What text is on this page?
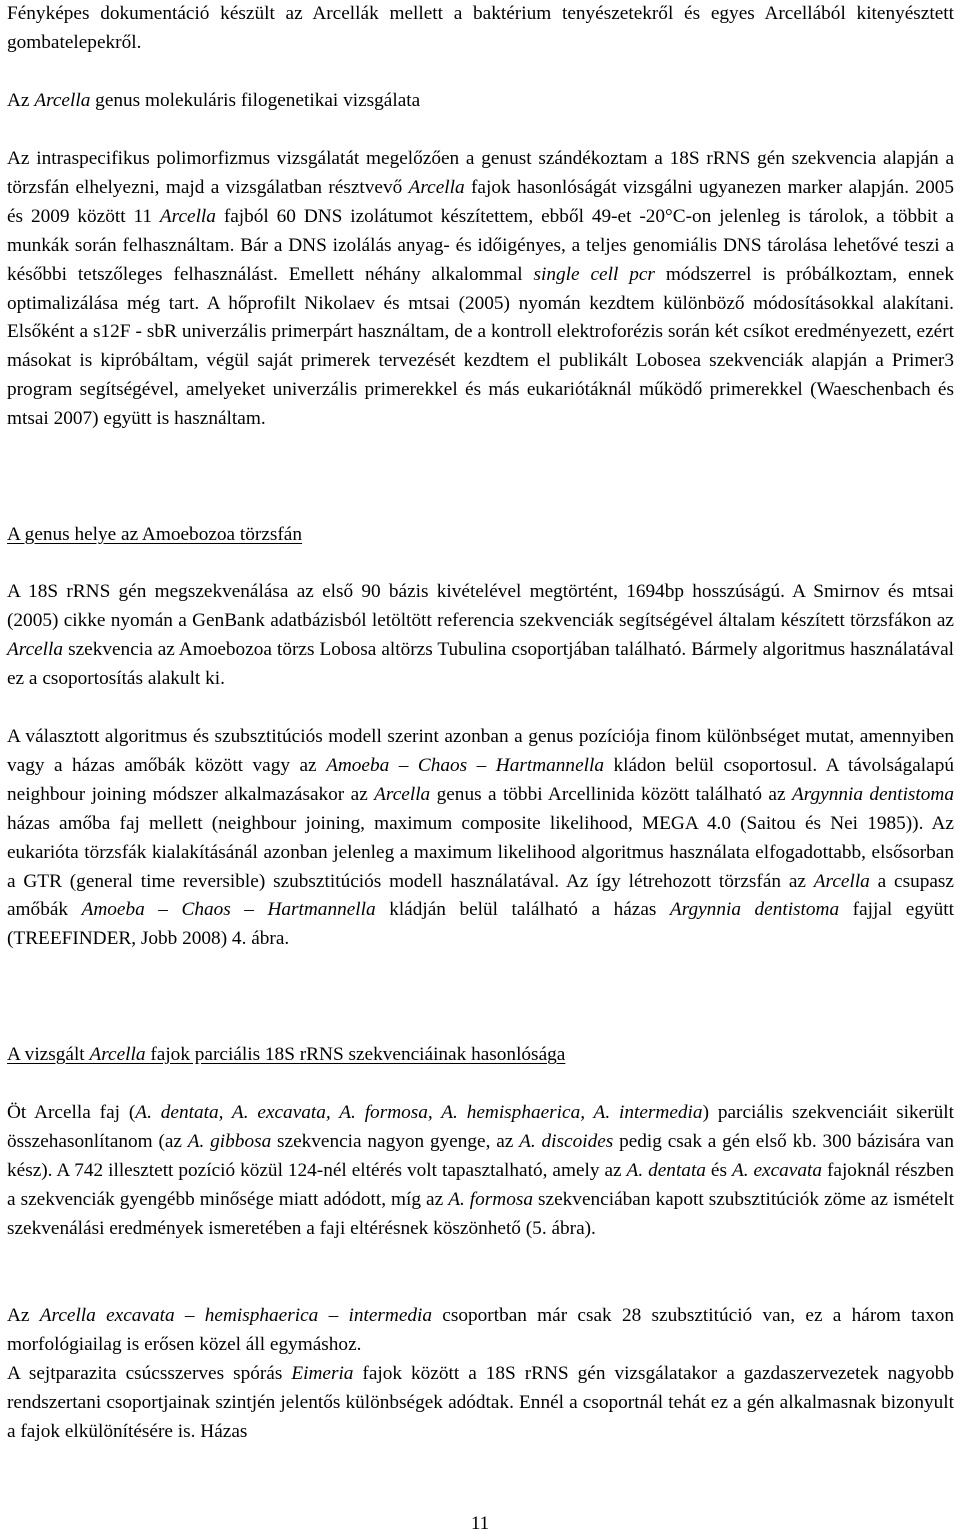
Fényképes dokumentáció készült az Arcellák mellett a baktérium tenyészetekről és egyes Arcellából kitenyésztett gombatelepekről.

Az Arcella genus molekuláris filogenetikai vizsgálata

Az intraspecifikus polimorfizmus vizsgálatát megelőzően a genust szándékoztam a 18S rRNS gén szekvencia alapján a törzsfán elhelyezni, majd a vizsgálatban résztvevő Arcella fajok hasonlóságát vizsgálni ugyanezen marker alapján. 2005 és 2009 között 11 Arcella fajból 60 DNS izolátumot készítettem, ebből 49-et -20°C-on jelenleg is tárolok, a többit a munkák során felhasználtam. Bár a DNS izolálás anyag- és időigényes, a teljes genomiális DNS tárolása lehetővé teszi a későbbi tetszőleges felhasználást. Emellett néhány alkalommal single cell pcr módszerrel is próbálkoztam, ennek optimalizálása még tart. A hőprofilt Nikolaev és mtsai (2005) nyomán kezdtem különböző módosításokkal alakítani. Elsőként a s12F - sbR univerzális primerpárt használtam, de a kontroll elektroforézis során két csíkot eredményezett, ezért másokat is kipróbáltam, végül saját primerek tervezését kezdtem el publikált Lobosea szekvenciák alapján a Primer3 program segítségével, amelyeket univerzális primerekkel és más eukariótáknál működő primerekkel (Waeschenbach és mtsai 2007) együtt is használtam.

A genus helye az Amoebozoa törzsfán

A 18S rRNS gén megszekvenálása az első 90 bázis kivételével megtörtént, 1694bp hosszúságú. A Smirnov és mtsai (2005) cikke nyomán a GenBank adatbázisból letöltött referencia szekvenciák segítségével általam készített törzsfákon az Arcella szekvencia az Amoebozoa törzs Lobosa altörzs Tubulina csoportjában található. Bármely algoritmus használatával ez a csoportosítás alakult ki.

A választott algoritmus és szubsztitúciós modell szerint azonban a genus pozíciója finom különbséget mutat, amennyiben vagy a házas amőbák között vagy az Amoeba – Chaos – Hartmannella kládon belül csoportosul. A távolságalapú neighbour joining módszer alkalmazásakor az Arcella genus a többi Arcellinida között található az Argynnia dentistoma házas amőba faj mellett (neighbour joining, maximum composite likelihood, MEGA 4.0 (Saitou és Nei 1985)). Az eukarióta törzsfák kialakításánál azonban jelenleg a maximum likelihood algoritmus használata elfogadottabb, elsősorban a GTR (general time reversible) szubsztitúciós modell használatával. Az így létrehozott törzsfán az Arcella a csupasz amőbák Amoeba – Chaos – Hartmannella kládján belül található a házas Argynnia dentistoma fajjal együtt (TREEFINDER, Jobb 2008) 4. ábra.

A vizsgált Arcella fajok parciális 18S rRNS szekvenciáinak hasonlósága

Öt Arcella faj (A. dentata, A. excavata, A. formosa, A. hemisphaerica, A. intermedia) parciális szekvenciáit sikerült összehasonlítanom (az A. gibbosa szekvencia nagyon gyenge, az A. discoides pedig csak a gén első kb. 300 bázisára van kész). A 742 illesztett pozíció közül 124-nél eltérés volt tapasztalható, amely az A. dentata és A. excavata fajoknál részben a szekvenciák gyengébb minősége miatt adódott, míg az A. formosa szekvenciában kapott szubsztitúciók zöme az ismételt szekvenálási eredmények ismeretében a faji eltérésnek köszönhető (5. ábra).

Az Arcella excavata – hemisphaerica – intermedia csoportban már csak 28 szubsztitúció van, ez a három taxon morfológiailag is erősen közel áll egymáshoz.

A sejtparazita csúcsszerves spórás Eimeria fajok között a 18S rRNS gén vizsgálatakor a gazdaszervezetek nagyobb rendszertani csoportjainak szintjén jelentős különbségek adódtak. Ennél a csoportnál tehát ez a gén alkalmasnak bizonyult a fajok elkülönítésére is. Házas

11
